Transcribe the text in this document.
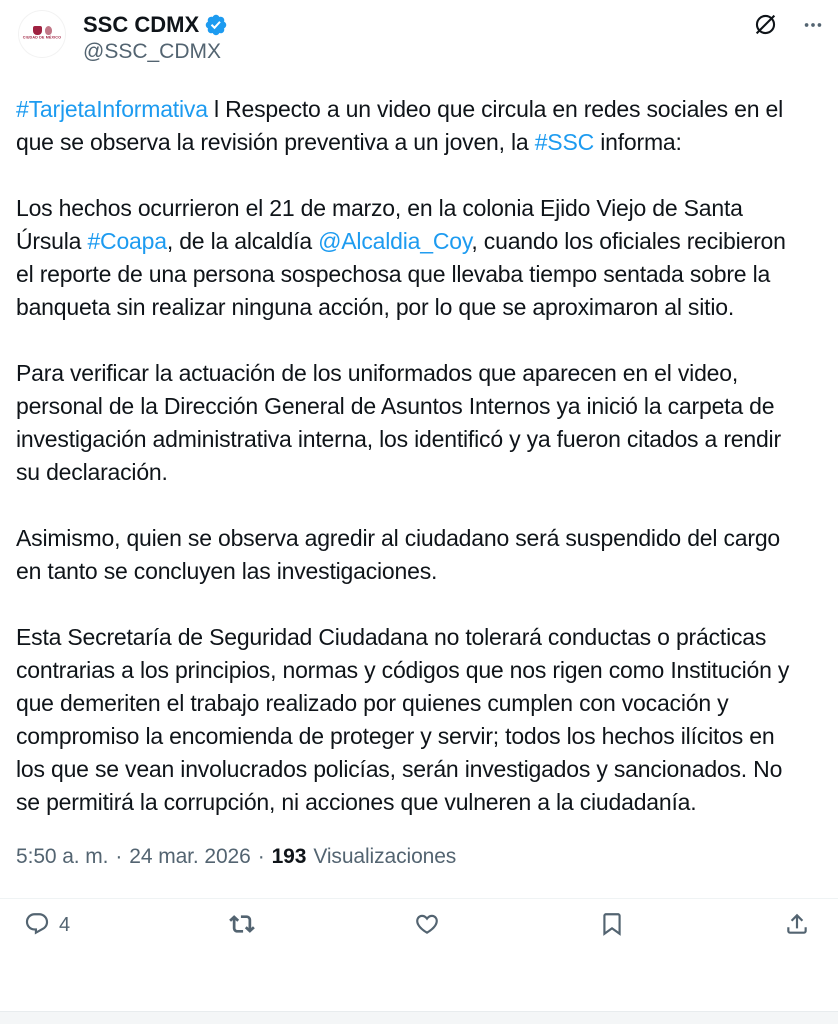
CIUDAD DE MÉXICO
SSC CDMX
@SSC_CDMX
#TarjetaInformativa l Respecto a un video que circula en redes sociales en el que se observa la revisión preventiva a un joven, la #SSC informa:
Los hechos ocurrieron el 21 de marzo, en la colonia Ejido Viejo de Santa Úrsula #Coapa, de la alcaldía @Alcaldia_Coy, cuando los oficiales recibieron el reporte de una persona sospechosa que llevaba tiempo sentada sobre la banqueta sin realizar ninguna acción, por lo que se aproximaron al sitio.
Para verificar la actuación de los uniformados que aparecen en el video, personal de la Dirección General de Asuntos Internos ya inició la carpeta de investigación administrativa interna, los identificó y ya fueron citados a rendir su declaración.
Asimismo, quien se observa agredir al ciudadano será suspendido del cargo en tanto se concluyen las investigaciones.
Esta Secretaría de Seguridad Ciudadana no tolerará conductas o prácticas contrarias a los principios, normas y códigos que nos rigen como Institución y que demeriten el trabajo realizado por quienes cumplen con vocación y compromiso la encomienda de proteger y servir; todos los hechos ilícitos en los que se vean involucrados policías, serán investigados y sancionados. No se permitirá la corrupción, ni acciones que vulneren a la ciudadanía.
5:50 a. m. · 24 mar. 2026 · 193 Visualizaciones
4
